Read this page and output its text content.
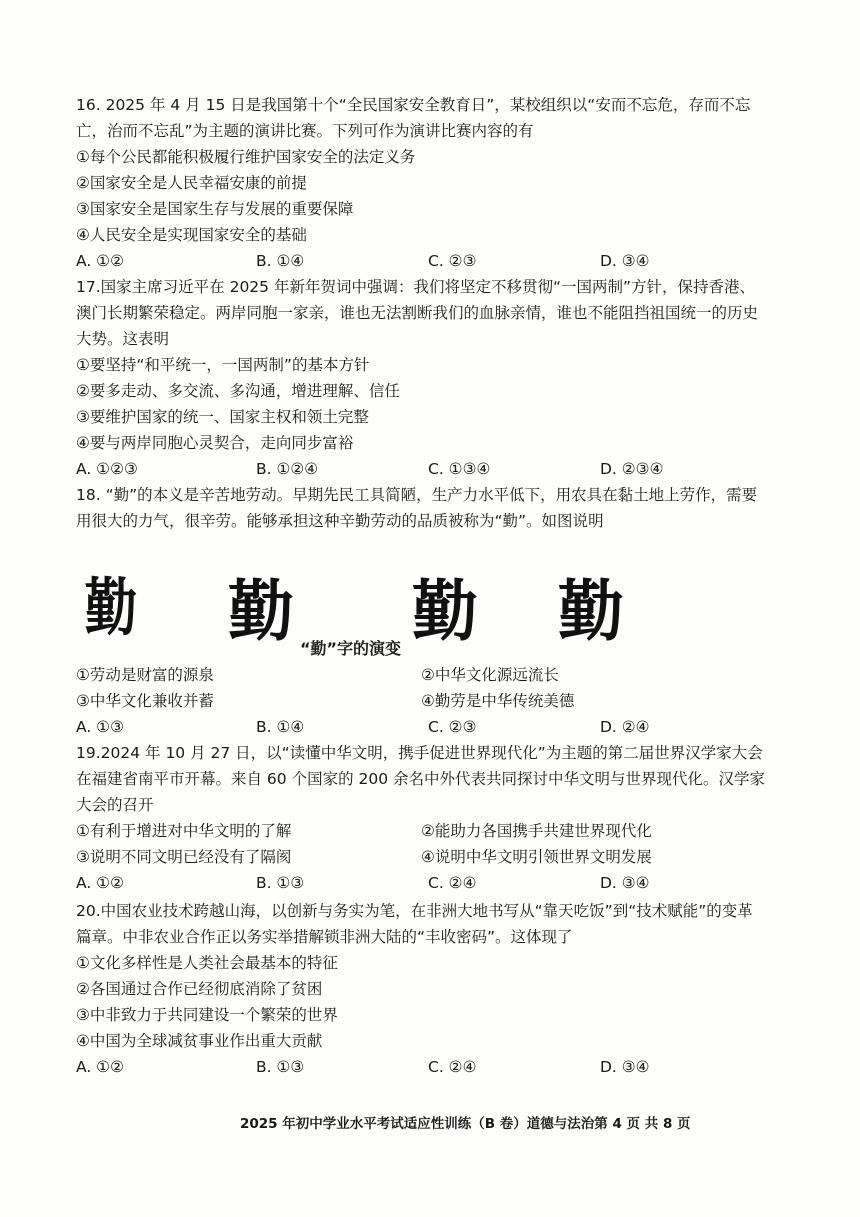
16. 2025 年 4 月 15 日是我国第十个“全民国家安全教育日”，某校组织以“安而不忘危，存而不忘亡，治而不忘乱”为主题的演讲比赛。下列可作为演讲比赛内容的有

①每个公民都能积极履行维护国家安全的法定义务

②国家安全是人民幸福安康的前提

③国家安全是国家生存与发展的重要保障

④人民安全是实现国家安全的基础

A. ①②	B. ①④	C. ②③	D. ③④

17.国家主席习近平在 2025 年新年贺词中强调：我们将坚定不移贯彻“一国两制”方针，保持香港、澳门长期繁荣稳定。两岸同胞一家亲，谁也无法割断我们的血脉亲情，谁也不能阻挡祖国统一的历史大势。这表明

①要坚持“和平统一，一国两制”的基本方针

②要多走动、多交流、多沟通，增进理解、信任

③要维护国家的统一、国家主权和领土完整

④要与两岸同胞心灵契合，走向同步富裕

A. ①②③	B. ①②④	C. ①③④	D. ②③④

18. “勤”的本义是辛苦地劳动。早期先民工具简陋，生产力水平低下，用农具在黏土地上劳作，需要用很大的力气，很辛劳。能够承担这种辛勤劳动的品质被称为“勤”。如图说明

勤 勤 勤 勤
“勤”字的演变
①劳动是财富的源泉	②中华文化源远流长
③中华文化兼收并蓄	④勤劳是中华传统美德
A. ①③	B. ①④	C. ②③	D. ②④

19.2024 年 10 月 27 日，以“读懂中华文明，携手促进世界现代化”为主题的第二届世界汉学家大会在福建省南平市开幕。来自 60 个国家的 200 余名中外代表共同探讨中华文明与世界现代化。汉学家大会的召开

①有利于增进对中华文明的了解	②能助力各国携手共建世界现代化
③说明不同文明已经没有了隔阂	④说明中华文明引领世界文明发展
A. ①②	B. ①③	C. ②④	D. ③④

20.中国农业技术跨越山海，以创新与务实为笔，在非洲大地书写从“靠天吃饭”到“技术赋能”的变革篇章。中非农业合作正以务实举措解锁非洲大陆的“丰收密码”。这体现了

①文化多样性是人类社会最基本的特征

②各国通过合作已经彻底消除了贫困

③中非致力于共同建设一个繁荣的世界

④中国为全球减贫事业作出重大贡献

A. ①②	B. ①③	C. ②④	D. ③④
2025 年初中学业水平考试适应性训练（B 卷）道德与法治第 4 页 共 8 页
